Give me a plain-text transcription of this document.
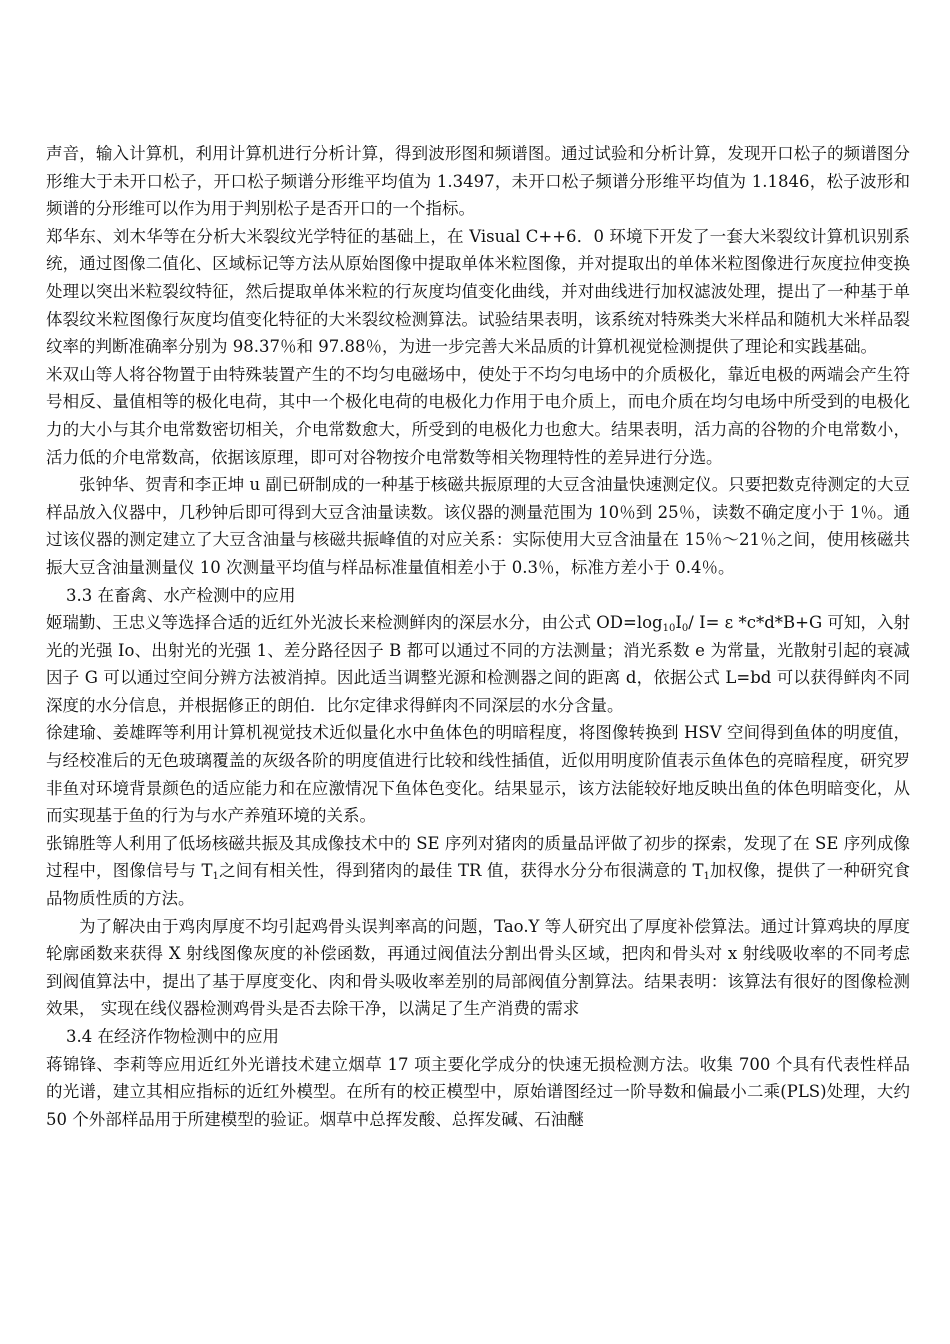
声音，输入计算机，利用计算机进行分析计算，得到波形图和频谱图。通过试验和分析计算，发现开口松子的频谱图分形维大于未开口松子，开口松子频谱分形维平均值为 1.3497，未开口松子频谱分形维平均值为 1.1846，松子波形和频谱的分形维可以作为用于判别松子是否开口的一个指标。

郑华东、刘木华等在分析大米裂纹光学特征的基础上，在 Visual C++6．0 环境下开发了一套大米裂纹计算机识别系统，通过图像二值化、区域标记等方法从原始图像中提取单体米粒图像，并对提取出的单体米粒图像进行灰度拉伸变换处理以突出米粒裂纹特征，然后提取单体米粒的行灰度均值变化曲线，并对曲线进行加权滤波处理，提出了一种基于单体裂纹米粒图像行灰度均值变化特征的大米裂纹检测算法。试验结果表明，该系统对特殊类大米样品和随机大米样品裂纹率的判断准确率分别为 98.37％和 97.88％，为进一步完善大米品质的计算机视觉检测提供了理论和实践基础。

米双山等人将谷物置于由特殊装置产生的不均匀电磁场中，使处于不均匀电场中的介质极化，靠近电极的两端会产生符号相反、量值相等的极化电荷，其中一个极化电荷的电极化力作用于电介质上，而电介质在均匀电场中所受到的电极化力的大小与其介电常数密切相关，介电常数愈大，所受到的电极化力也愈大。结果表明，活力高的谷物的介电常数小，活力低的介电常数高，依据该原理，即可对谷物按介电常数等相关物理特性的差异进行分选。

张钟华、贺青和李正坤 u 副已研制成的一种基于核磁共振原理的大豆含油量快速测定仪。只要把数克待测定的大豆样品放入仪器中，几秒钟后即可得到大豆含油量读数。该仪器的测量范围为 10％到 25％，读数不确定度小于 1％。通过该仪器的测定建立了大豆含油量与核磁共振峰值的对应关系：实际使用大豆含油量在 15％～21％之间，使用核磁共振大豆含油量测量仪 10 次测量平均值与样品标准量值相差小于 0.3％，标准方差小于 0.4％。

3.3 在畜禽、水产检测中的应用

姬瑞勤、王忠义等选择合适的近红外光波长来检测鲜肉的深层水分，由公式 $OD=\log_{10}I_0/$ I= ε *c*d*B+G 可知，入射光的光强 Io、出射光的光强 1、差分路径因子 B 都可以通过不同的方法测量；消光系数 e 为常量，光散射引起的衰减因子 G 可以通过空间分辨方法被消掉。因此适当调整光源和检测器之间的距离 d，依据公式 L=bd 可以获得鲜肉不同深度的水分信息，并根据修正的朗伯．比尔定律求得鲜肉不同深层的水分含量。

徐建瑜、姜雄晖等利用计算机视觉技术近似量化水中鱼体色的明暗程度，将图像转换到 HSV 空间得到鱼体的明度值，与经校准后的无色玻璃覆盖的灰级各阶的明度值进行比较和线性插值，近似用明度阶值表示鱼体色的亮暗程度，研究罗非鱼对环境背景颜色的适应能力和在应激情况下鱼体色变化。结果显示，该方法能较好地反映出鱼的体色明暗变化，从而实现基于鱼的行为与水产养殖环境的关系。

张锦胜等人利用了低场核磁共振及其成像技术中的 SE 序列对猪肉的质量品评做了初步的探索，发现了在 SE 序列成像过程中，图像信号与 $T_1$之间有相关性，得到猪肉的最佳 TR 值，获得水分分布很满意的 $T_1$加权像，提供了一种研究食品物质性质的方法。

为了解决由于鸡肉厚度不均引起鸡骨头误判率高的问题，Tao.Y 等人研究出了厚度补偿算法。通过计算鸡块的厚度轮廓函数来获得 X 射线图像灰度的补偿函数，再通过阀值法分割出骨头区域，把肉和骨头对 x 射线吸收率的不同考虑到阀值算法中，提出了基于厚度变化、肉和骨头吸收率差别的局部阀值分割算法。结果表明：该算法有很好的图像检测效果， 实现在线仪器检测鸡骨头是否去除干净，以满足了生产消费的需求

3.4 在经济作物检测中的应用

蒋锦锋、李莉等应用近红外光谱技术建立烟草 17 项主要化学成分的快速无损检测方法。收集 700 个具有代表性样品的光谱，建立其相应指标的近红外模型。在所有的校正模型中，原始谱图经过一阶导数和偏最小二乘(PLS)处理，大约 50 个外部样品用于所建模型的验证。烟草中总挥发酸、总挥发碱、石油醚
